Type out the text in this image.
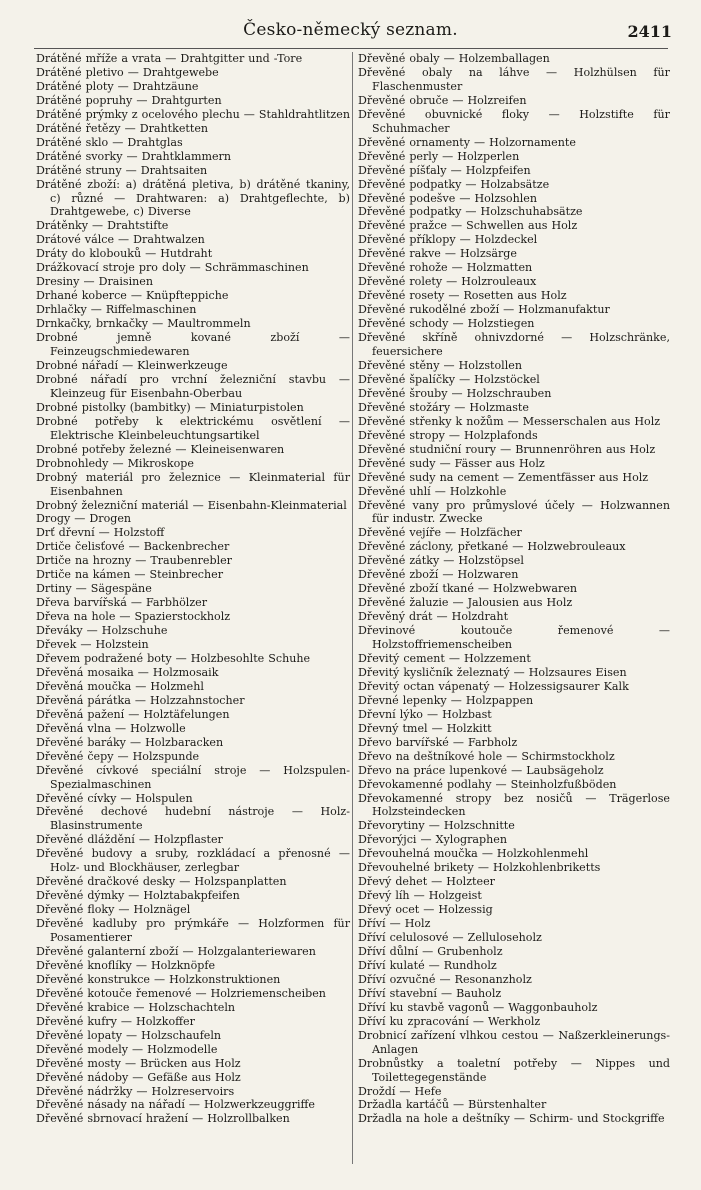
Česko-německý seznam.	2411
Drátěné mříže a vrata — Drahtgitter und -Tore
Drátěné pletivo — Drahtgewebe
Drátěné ploty — Drahtzäune
Drátěné popruhy — Drahtgurten
Drátěné prýmky z ocelového plechu — Stahldrahtlitzen
Drátěné řetězy — Drahtketten
Drátěné sklo — Drahtglas
Drátěné svorky — Drahtklammern
Drátěné struny — Drahtsaiten
Drátěné zboží: a) drátěná pletiva, b) drátěné tkaniny, c) různé — Drahtwaren: a) Drahtgeflechte, b) Drahtgewebe, c) Diverse
Drátěnky — Drahtstifte
Drátové válce — Drahtwalzen
Dráty do klobouků — Hutdraht
Drážkovací stroje pro doly — Schrämmaschinen
Dresiny — Draisinen
Drhané koberce — Knüpfteppiche
Drhlačky — Riffelmaschinen
Drnkačky, brnkačky — Maultrommeln
Drobné jemně kované zboží — Feinzeugschmiedewaren
Drobné nářadí — Kleinwerkzeuge
Drobné nářadí pro vrchní železniční stavbu — Kleinzeug für Eisenbahn-Oberbau
Drobné pistolky (bambitky) — Miniaturpistolen
Drobné potřeby k elektrickému osvětlení — Elektrische Kleinbeleuchtungsartikel
Drobné potřeby železné — Kleineisenwaren
Drobnohledy — Mikroskope
Drobný materiál pro železnice — Kleinmaterial für Eisenbahnen
Drobný železniční materiál — Eisenbahn-Kleinmaterial
Drogy — Drogen
Drť dřevní — Holzstoff
Drtiče čelisťové — Backenbrecher
Drtiče na hrozny — Traubenrebler
Drtiče na kámen — Steinbrecher
Drtiny — Sägespäne
Dřeva barvířská — Farbhölzer
Dřeva na hole — Spazierstockholz
Dřeváky — Holzschuhe
Dřevek — Holzstein
Dřevem podražené boty — Holzbesohlte Schuhe
Dřevěná mosaika — Holzmosaik
Dřevěná moučka — Holzmehl
Dřevěná párátka — Holzzahnstocher
Dřevěná pažení — Holztäfelungen
Dřevěná vlna — Holzwolle
Dřevěné baráky — Holzbaracken
Dřevěné čepy — Holzspunde
Dřevěné cívkové speciální stroje — Holzspulen-Spezialmaschinen
Dřevěné cívky — Holspulen
Dřevěné dechové hudební nástroje — Holz-Blasinstrumente
Dřevěné dláždění — Holzpflaster
Dřevěné budovy a sruby, rozkládací a přenosné — Holz- und Blockhäuser, zerlegbar
Dřevěné dračkové desky — Holzspanplatten
Dřevěné dýmky — Holztabakpfeifen
Dřevěné floky — Holznägel
Dřevěné kadluby pro prýmkáře — Holzformen für Posamentierer
Dřevěné galanterní zboží — Holzgalanteriewaren
Dřevěné knoflíky — Holzknöpfe
Dřevěné konstrukce — Holzkonstruktionen
Dřevěné kotouče řemenové — Holzriemenscheiben
Dřevěné krabice — Holzschachteln
Dřevěné kufry — Holzkoffer
Dřevěné lopaty — Holzschaufeln
Dřevěné modely — Holzmodelle
Dřevěné mosty — Brücken aus Holz
Dřevěné nádoby — Gefäße aus Holz
Dřevěné nádržky — Holzreservoirs
Dřevěné násady na nářadí — Holzwerkzeuggriffe
Dřevěné sbrnovací hražení — Holzrollbalken
Dřevěné obaly — Holzemballagen
Dřevěné obaly na láhve — Holzhülsen für Flaschenmuster
Dřevěné obruče — Holzreifen
Dřevěné obuvnické floky — Holzstifte für Schuhmacher
Dřevěné ornamenty — Holzornamente
Dřevěné perly — Holzperlen
Dřevěné píšťaly — Holzpfeifen
Dřevěné podpatky — Holzabsätze
Dřevěné podešve — Holzsohlen
Dřevěné podpatky — Holzschuhabsätze
Dřevěné pražce — Schwellen aus Holz
Dřevěné příklopy — Holzdeckel
Dřevěné rakve — Holzsärge
Dřevěné rohože — Holzmatten
Dřevěné rolety — Holzrouleaux
Dřevěné rosety — Rosetten aus Holz
Dřevěné rukodělné zboží — Holzmanufaktur
Dřevěné schody — Holzstiegen
Dřevěné skříně ohnivzdorné — Holzschränke, feuersichere
Dřevěné stěny — Holzstollen
Dřevěné špalíčky — Holzstöckel
Dřevěné šrouby — Holzschrauben
Dřevěné stožáry — Holzmaste
Dřevěné střenky k nožům — Messerschalen aus Holz
Dřevěné stropy — Holzplafonds
Dřevěné studniční roury — Brunnenröhren aus Holz
Dřevěné sudy — Fässer aus Holz
Dřevěné sudy na cement — Zementfässer aus Holz
Dřevěné uhlí — Holzkohle
Dřevěné vany pro průmyslové účely — Holzwannen für industr. Zwecke
Dřevěné vejíře — Holzfächer
Dřevěné záclony, přetkané — Holzwebrouleaux
Dřevěné zátky — Holzstöpsel
Dřevěné zboží — Holzwaren
Dřevěné zboží tkané — Holzwebwaren
Dřevěné žaluzie — Jalousien aus Holz
Dřevěný drát — Holzdraht
Dřevinové koutouče řemenové — Holzstoffriemenscheiben
Dřevitý cement — Holzzement
Dřevitý kysličník železnatý — Holzsaures Eisen
Dřevitý octan vápenatý — Holzessigsaurer Kalk
Dřevné lepenky — Holzpappen
Dřevní lýko — Holzbast
Dřevný tmel — Holzkitt
Dřevo barvířské — Farbholz
Dřevo na deštníkové hole — Schirmstockholz
Dřevo na práce lupenkové — Laubsägeholz
Dřevokamenné podlahy — Steinholzfußböden
Dřevokamenné stropy bez nosičů — Trägerlose Holzsteindecken
Dřevorytiny — Holzschnitte
Dřevorýjci — Xylographen
Dřevouhelná moučka — Holzkohlenmehl
Dřevouhelné brikety — Holzkohlenbriketts
Dřevý dehet — Holzteer
Dřevý líh — Holzgeist
Dřevý ocet — Holzessig
Dříví — Holz
Dříví celulosové — Zelluloseholz
Dříví důlní — Grubenholz
Dříví kulaté — Rundholz
Dříví ozvučné — Resonanzholz
Dříví stavební — Bauholz
Dříví ku stavbě vagonů — Waggonbauholz
Dříví ku zpracování — Werkholz
Drobnicí zařízení vlhkou cestou — Naßzerkleinerungs-Anlagen
Drobnůstky a toaletní potřeby — Nippes und Toilettegegenstände
Droždí — Hefe
Držadla kartáčů — Bürstenhalter
Držadla na hole a deštníky — Schirm- und Stockgriffe
